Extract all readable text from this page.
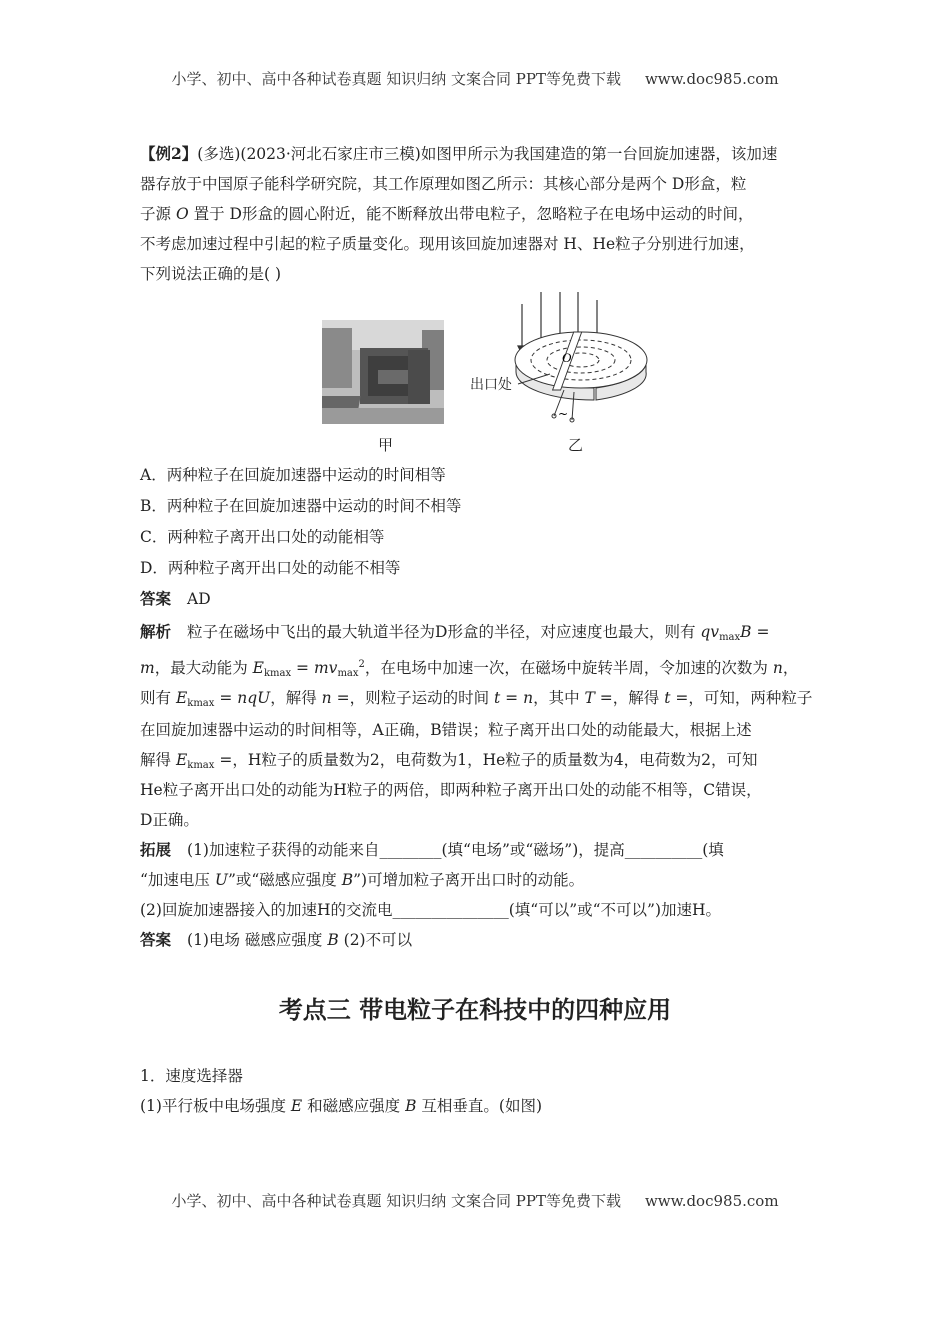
小学、初中、高中各种试卷真题 知识归纳 文案合同 PPT等免费下载 www.doc985.com
【例2】(多选)(2023·河北石家庄市三模)如图甲所示为我国建造的第一台回旋加速器，该加速
器存放于中国原子能科学研究院，其工作原理如图乙所示：其核心部分是两个 D形盒，粒
子源 O 置于 D形盒的圆心附近，能不断释放出带电粒子，忽略粒子在电场中运动的时间，
不考虑加速过程中引起的粒子质量变化。现用该回旋加速器对 H、He粒子分别进行加速，
下列说法正确的是( )
甲
O
~
出口处
乙
A．两种粒子在回旋加速器中运动的时间相等
B．两种粒子在回旋加速器中运动的时间不相等
C．两种粒子离开出口处的动能相等
D．两种粒子离开出口处的动能不相等
答案 AD
解析 粒子在磁场中飞出的最大轨道半径为D形盒的半径，对应速度也最大，则有 $qv_{max}B$ =
m，最大动能为 $E_{kmax} = mv_{max}^2$，在电场中加速一次，在磁场中旋转半周，令加速的次数为 n，
则有 $E_{kmax}$ = nqU，解得 n =，则粒子运动的时间 t = n，其中 T =，解得 t =，可知，两种粒子
在回旋加速器中运动的时间相等，A正确，B错误；粒子离开出口处的动能最大，根据上述
解得 $E_{kmax}$ =，H粒子的质量数为2，电荷数为1，He粒子的质量数为4，电荷数为2，可知
He粒子离开出口处的动能为H粒子的两倍，即两种粒子离开出口处的动能不相等，C错误，
D正确。
拓展 (1)加速粒子获得的动能来自________(填“电场”或“磁场”)，提高__________(填
“加速电压 U”或“磁感应强度 B”)可增加粒子离开出口时的动能。
(2)回旋加速器接入的加速H的交流电_______________(填“可以”或“不可以”)加速H。
答案 (1)电场 磁感应强度 B (2)不可以
考点三 带电粒子在科技中的四种应用
1．速度选择器
(1)平行板中电场强度 E 和磁感应强度 B 互相垂直。(如图)
小学、初中、高中各种试卷真题 知识归纳 文案合同 PPT等免费下载 www.doc985.com
